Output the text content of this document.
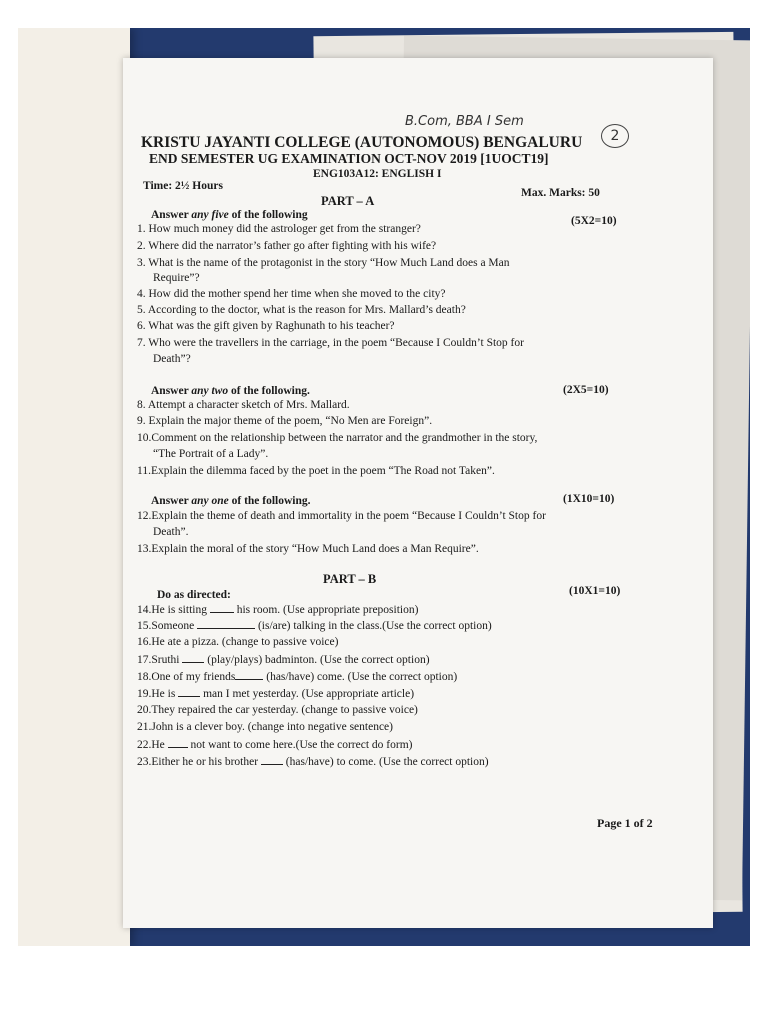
B.Com, BBA I Sem
2
KRISTU JAYANTI COLLEGE (AUTONOMOUS) BENGALURU
END SEMESTER UG EXAMINATION OCT-NOV 2019 [1UOCT19]
ENG103A12: ENGLISH I
Time: 2½ Hours
Max. Marks: 50
PART – A
Answer any five of the following	(5X2=10)
1. How much money did the astrologer get from the stranger?
2. Where did the narrator’s father go after fighting with his wife?
3. What is the name of the protagonist in the story “How Much Land does a Man
Require”?
4. How did the mother spend her time when she moved to the city?
5. According to the doctor, what is the reason for Mrs. Mallard’s death?
6. What was the gift given by Raghunath to his teacher?
7. Who were the travellers in the carriage, in the poem “Because I Couldn’t Stop for
Death”?
Answer any two of the following.	(2X5=10)
8. Attempt a character sketch of Mrs. Mallard.
9. Explain the major theme of the poem, “No Men are Foreign”.
10.Comment on the relationship between the narrator and the grandmother in the story,
“The Portrait of a Lady”.
11.Explain the dilemma faced by the poet in the poem “The Road not Taken”.
Answer any one of the following.	(1X10=10)
12.Explain the theme of death and immortality in the poem “Because I Couldn’t Stop for
Death”.
13.Explain the moral of the story “How Much Land does a Man Require”.
PART – B
Do as directed:	(10X1=10)
14.He is sitting  his room. (Use appropriate preposition)
15.Someone	(is/are) talking in the class.(Use the correct option)
16.He ate a pizza. (change to passive voice)
17.Sruthi  (play/plays) badminton. (Use the correct option)
18.One of my friends (has/have) come. (Use the correct option)
19.He is  man I met yesterday. (Use appropriate article)
20.They repaired the car yesterday. (change to passive voice)
21.John is a clever boy. (change into negative sentence)
22.He  not want to come here.(Use the correct do form)
23.Either he or his brother  (has/have) to come. (Use the correct option)
Page 1 of 2
